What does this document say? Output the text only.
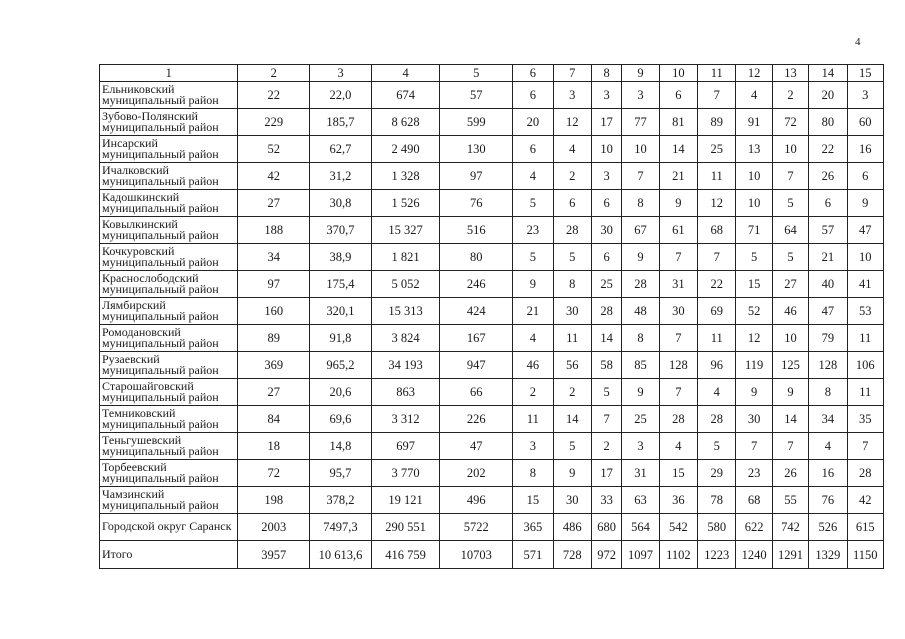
4
1	2	3	4	5	6	7	8	9	10	11	12	13	14	15
Ельниковский муниципальный район	22	22,0	674	57	6	3	3	3	6	7	4	2	20	3
Зубово-Полянский муниципальный район	229	185,7	8 628	599	20	12	17	77	81	89	91	72	80	60
Инсарский муниципальный район	52	62,7	2 490	130	6	4	10	10	14	25	13	10	22	16
Ичалковский муниципальный район	42	31,2	1 328	97	4	2	3	7	21	11	10	7	26	6
Кадошкинский муниципальный район	27	30,8	1 526	76	5	6	6	8	9	12	10	5	6	9
Ковылкинский муниципальный район	188	370,7	15 327	516	23	28	30	67	61	68	71	64	57	47
Кочкуровский муниципальный район	34	38,9	1 821	80	5	5	6	9	7	7	5	5	21	10
Краснослободский муниципальный район	97	175,4	5 052	246	9	8	25	28	31	22	15	27	40	41
Лямбирский муниципальный район	160	320,1	15 313	424	21	30	28	48	30	69	52	46	47	53
Ромодановский муниципальный район	89	91,8	3 824	167	4	11	14	8	7	11	12	10	79	11
Рузаевский муниципальный район	369	965,2	34 193	947	46	56	58	85	128	96	119	125	128	106
Старошайговский муниципальный район	27	20,6	863	66	2	2	5	9	7	4	9	9	8	11
Темниковский муниципальный район	84	69,6	3 312	226	11	14	7	25	28	28	30	14	34	35
Теньгушевский муниципальный район	18	14,8	697	47	3	5	2	3	4	5	7	7	4	7
Торбеевский муниципальный район	72	95,7	3 770	202	8	9	17	31	15	29	23	26	16	28
Чамзинский муниципальный район	198	378,2	19 121	496	15	30	33	63	36	78	68	55	76	42
Городской округ Саранск	2003	7497,3	290 551	5722	365	486	680	564	542	580	622	742	526	615
Итого	3957	10 613,6	416 759	10703	571	728	972	1097	1102	1223	1240	1291	1329	1150
